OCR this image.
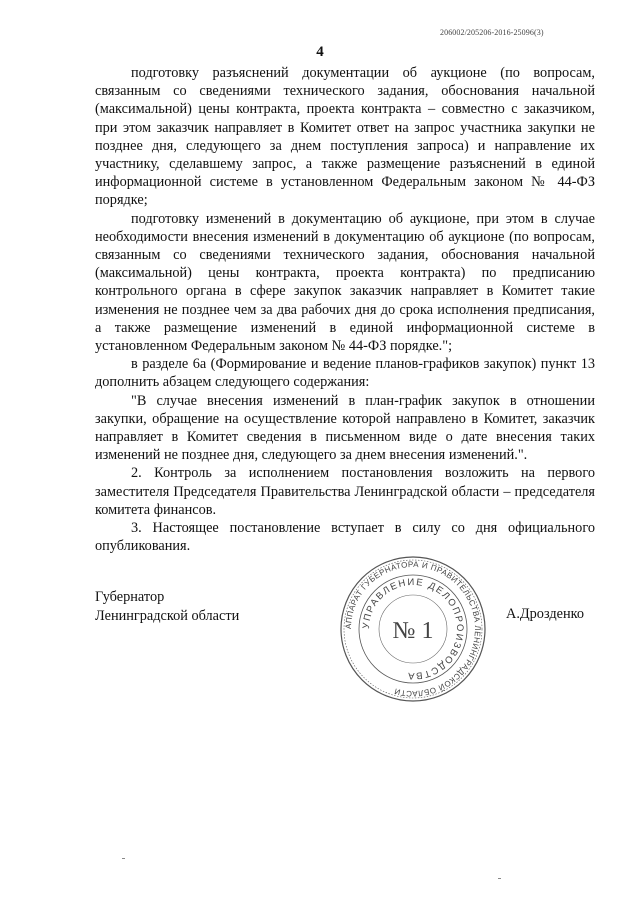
206002/205206-2016-25096(3)
4

подготовку разъяснений документации об аукционе (по вопросам, связанным со сведениями технического задания, обоснования начальной (максимальной) цены контракта, проекта контракта – совместно с заказчиком, при этом заказчик направляет в Комитет ответ на запрос участника закупки не позднее дня, следующего за днем поступления запроса) и направление их участнику, сделавшему запрос, а также размещение разъяснений в единой информационной системе в установленном Федеральным законом № 44-ФЗ порядке;

подготовку изменений в документацию об аукционе, при этом в случае необходимости внесения изменений в документацию об аукционе (по вопросам, связанным со сведениями технического задания, обоснования начальной (максимальной) цены контракта, проекта контракта) по предписанию контрольного органа в сфере закупок заказчик направляет в Комитет такие изменения не позднее чем за два рабочих дня до срока исполнения предписания, а также размещение изменений в единой информационной системе в установленном Федеральным законом № 44-ФЗ порядке.";

в разделе 6а (Формирование и ведение планов-графиков закупок) пункт 13 дополнить абзацем следующего содержания:

"В случае внесения изменений в план-график закупок в отношении закупки, обращение на осуществление которой направлено в Комитет, заказчик направляет в Комитет сведения в письменном виде о дате внесения таких изменений не позднее дня, следующего за днем внесения изменений.".

2. Контроль за исполнением постановления возложить на первого заместителя Председателя Правительства Ленинградской области – председателя комитета финансов.

3. Настоящее постановление вступает в силу со дня официального опубликования.

Губернатор
Ленинградской области	А.Дрозденко
АППАРАТ ГУБЕРНАТОРА И ПРАВИТЕЛЬСТВА ЛЕНИНГРАДСКОЙ ОБЛАСТИ
УПРАВЛЕНИЕ ДЕЛОПРОИЗВОДСТВА
№ 1
